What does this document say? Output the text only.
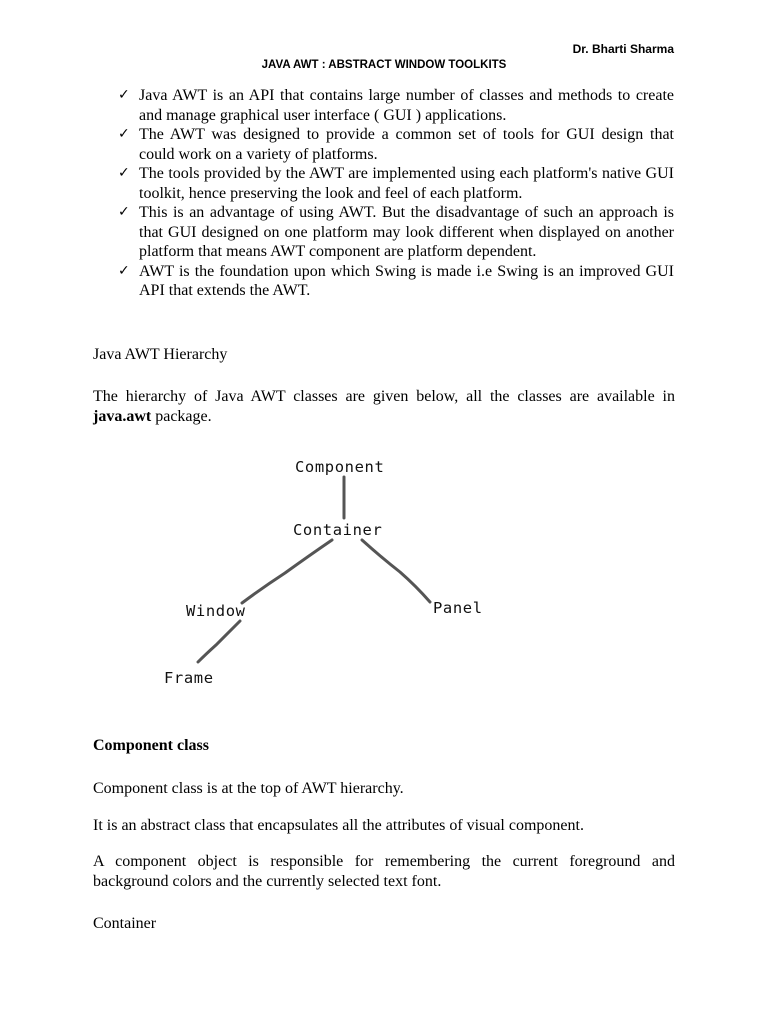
Dr. Bharti Sharma
JAVA AWT : ABSTRACT WINDOW TOOLKITS
✓ Java AWT is an API that contains large number of classes and methods to create and manage graphical user interface ( GUI ) applications.
✓ The AWT was designed to provide a common set of tools for GUI design that could work on a variety of platforms.
✓ The tools provided by the AWT are implemented using each platform's native GUI toolkit, hence preserving the look and feel of each platform.
✓ This is an advantage of using AWT. But the disadvantage of such an approach is that GUI designed on one platform may look different when displayed on another platform that means AWT component are platform dependent.
✓ AWT is the foundation upon which Swing is made i.e Swing is an improved GUI API that extends the AWT.

Java AWT Hierarchy

The hierarchy of Java AWT classes are given below, all the classes are available in java.awt package.

Component
Container
Window	Panel
Frame

Component class

Component class is at the top of AWT hierarchy.

It is an abstract class that encapsulates all the attributes of visual component.

A component object is responsible for remembering the current foreground and background colors and the currently selected text font.

Container
